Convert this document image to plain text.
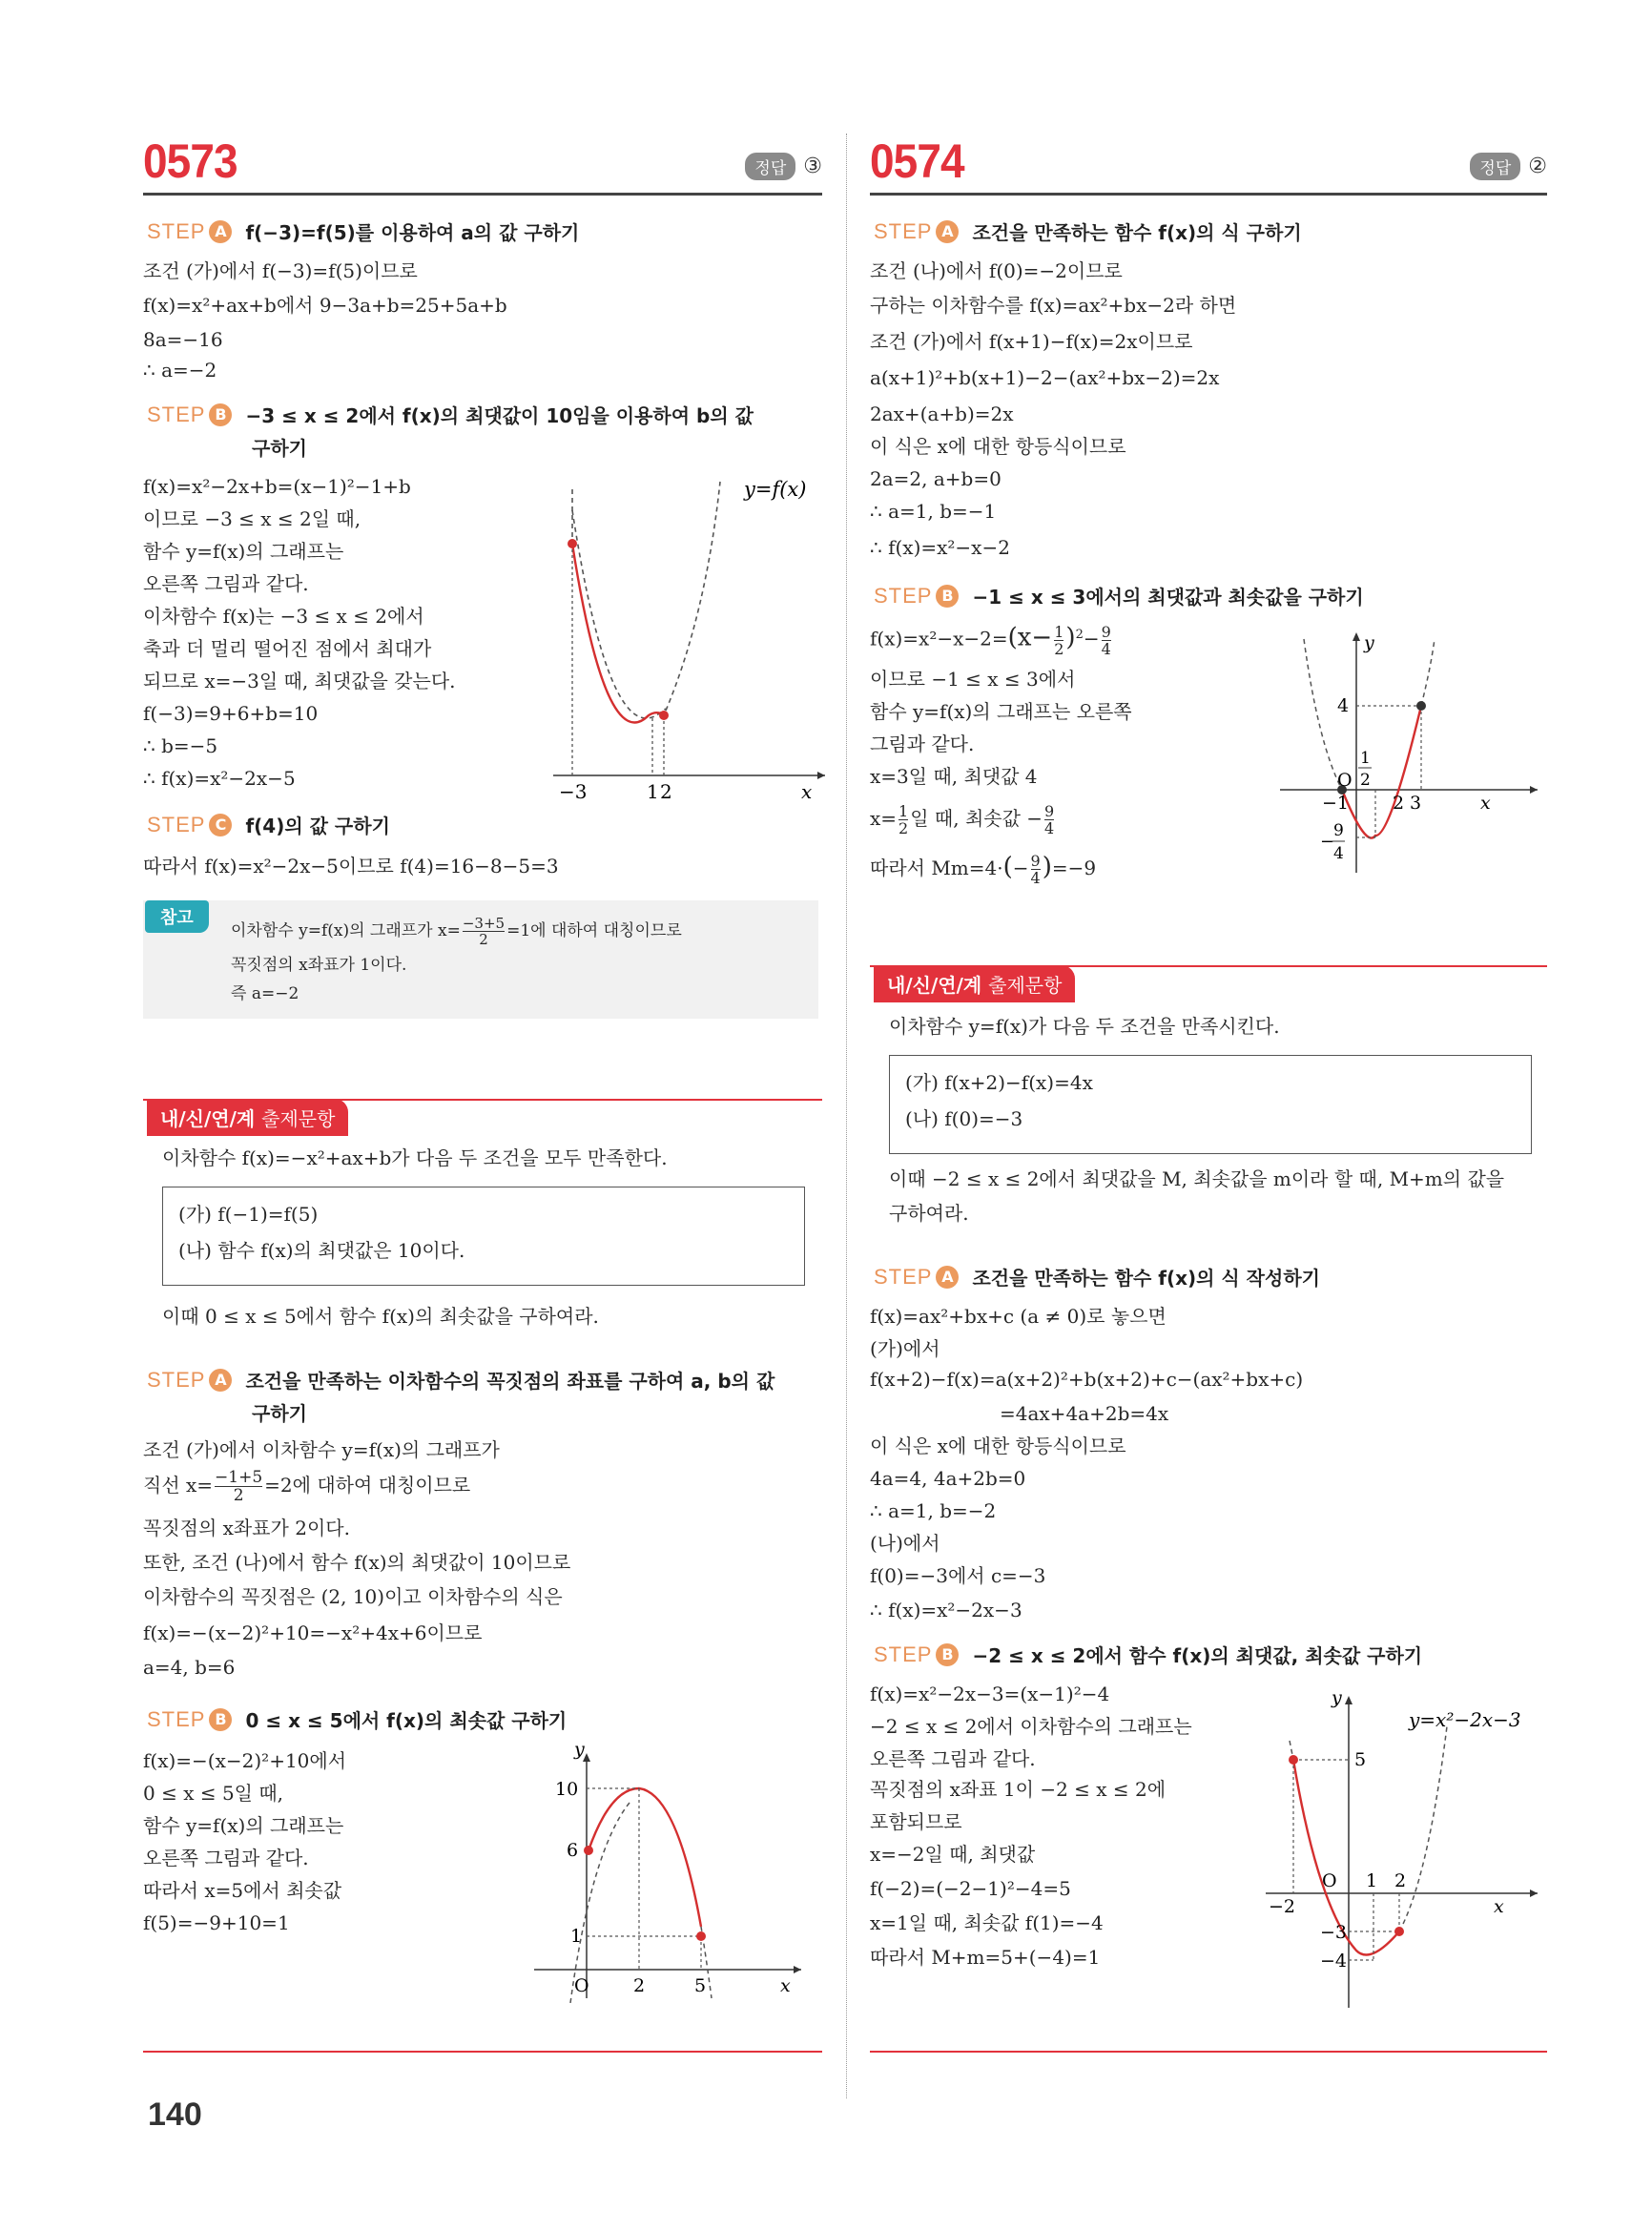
0573	정답 ③
STEP A f(−3)=f(5)를 이용하여 a의 값 구하기
조건 (가)에서 f(−3)=f(5)이므로
f(x)=x²+ax+b에서 9−3a+b=25+5a+b
8a=−16
∴ a=−2
STEP B −3 ≤ x ≤ 2에서 f(x)의 최댓값이 10임을 이용하여 b의 값
구하기
f(x)=x²−2x+b=(x−1)²−1+b
이므로 −3 ≤ x ≤ 2일 때,
함수 y=f(x)의 그래프는
오른쪽 그림과 같다.
이차함수 f(x)는 −3 ≤ x ≤ 2에서
축과 더 멀리 떨어진 점에서 최대가
되므로 x=−3일 때, 최댓값을 갖는다.
f(−3)=9+6+b=10
∴ b=−5
∴ f(x)=x²−2x−5
y=f(x)
−3	1 2	x
STEP C	f(4)의 값 구하기
따라서 f(x)=x²−2x−5이므로 f(4)=16−8−5=3
참고
이차함수 y=f(x)의 그래프가 $x= \frac{-3+5}{2} =1$에 대하여 대칭이므로
꼭짓점의 x좌표가 1이다.
즉 a=−2
내/신/연/계 출제문항
이차함수 f(x)=−x²+ax+b가 다음 두 조건을 모두 만족한다.
(가) f(−1)=f(5)
(나) 함수 f(x)의 최댓값은 10이다.
이때 0 ≤ x ≤ 5에서 함수 f(x)의 최솟값을 구하여라.
STEP A 조건을 만족하는 이차함수의 꼭짓점의 좌표를 구하여 a, b의 값
구하기
조건 (가)에서 이차함수 y=f(x)의 그래프가
직선 $x= \frac{-1+5}{2} =2$에 대하여 대칭이므로
꼭짓점의 x좌표가 2이다.
또한, 조건 (나)에서 함수 f(x)의 최댓값이 10이므로
이차함수의 꼭짓점은 (2, 10)이고 이차함수의 식은
f(x)=−(x−2)²+10=−x²+4x+6이므로
a=4, b=6
STEP B 0 ≤ x ≤ 5에서 f(x)의 최솟값 구하기
f(x)=−(x−2)²+10에서
0 ≤ x ≤ 5일 때,
함수 y=f(x)의 그래프는
오른쪽 그림과 같다.
따라서 x=5에서 최솟값
f(5)=−9+10=1
y
10
6
1
O 2	5	x
0574	정답 ②
STEP A 조건을 만족하는 함수 f(x)의 식 구하기
조건 (나)에서 f(0)=−2이므로
구하는 이차함수를 f(x)=ax²+bx−2라 하면
조건 (가)에서 f(x+1)−f(x)=2x이므로
a(x+1)²+b(x+1)−2−(ax²+bx−2)=2x
2ax+(a+b)=2x
이 식은 x에 대한 항등식이므로
2a=2, a+b=0
∴ a=1, b=−1
∴ f(x)=x²−x−2
STEP B −1 ≤ x ≤ 3에서의 최댓값과 최솟값을 구하기
$f(x)=x^2-x-2=(x- \frac{1}{2} )^2- \frac{9}{4}$
이므로 −1 ≤ x ≤ 3에서
함수 y=f(x)의 그래프는 오른쪽
그림과 같다.
x=3일 때, 최댓값 4
$x= \frac{1}{2}$ 일 때, 최솟값 − $\frac{9}{4}$
따라서 $Mm=4\cdot(- \frac{9}{4} )=-9$
y
4
O
1
2
−1 2 3	x
−
9
4
내/신/연/계 출제문항
이차함수 y=f(x)가 다음 두 조건을 만족시킨다.
(가) f(x+2)−f(x)=4x
(나) f(0)=−3
이때 −2 ≤ x ≤ 2에서 최댓값을 M, 최솟값을 m이라 할 때, M+m의 값을
구하여라.
STEP A 조건을 만족하는 함수 f(x)의 식 작성하기
f(x)=ax²+bx+c (a ≠ 0)로 놓으면
(가)에서
f(x+2)−f(x)=a(x+2)²+b(x+2)+c−(ax²+bx+c)
=4ax+4a+2b=4x
이 식은 x에 대한 항등식이므로
4a=4, 4a+2b=0
∴ a=1, b=−2
(나)에서
f(0)=−3에서 c=−3
∴ f(x)=x²−2x−3
STEP B −2 ≤ x ≤ 2에서 함수 f(x)의 최댓값, 최솟값 구하기
f(x)=x²−2x−3=(x−1)²−4
−2 ≤ x ≤ 2에서 이차함수의 그래프는
오른쪽 그림과 같다.
꼭짓점의 x좌표 1이 −2 ≤ x ≤ 2에
포함되므로
x=−2일 때, 최댓값
f(−2)=(−2−1)²−4=5
x=1일 때, 최솟값 f(1)=−4
따라서 M+m=5+(−4)=1
y=x²−2x−3
y
5
O 1 2
−2	x
−3
−4
140
